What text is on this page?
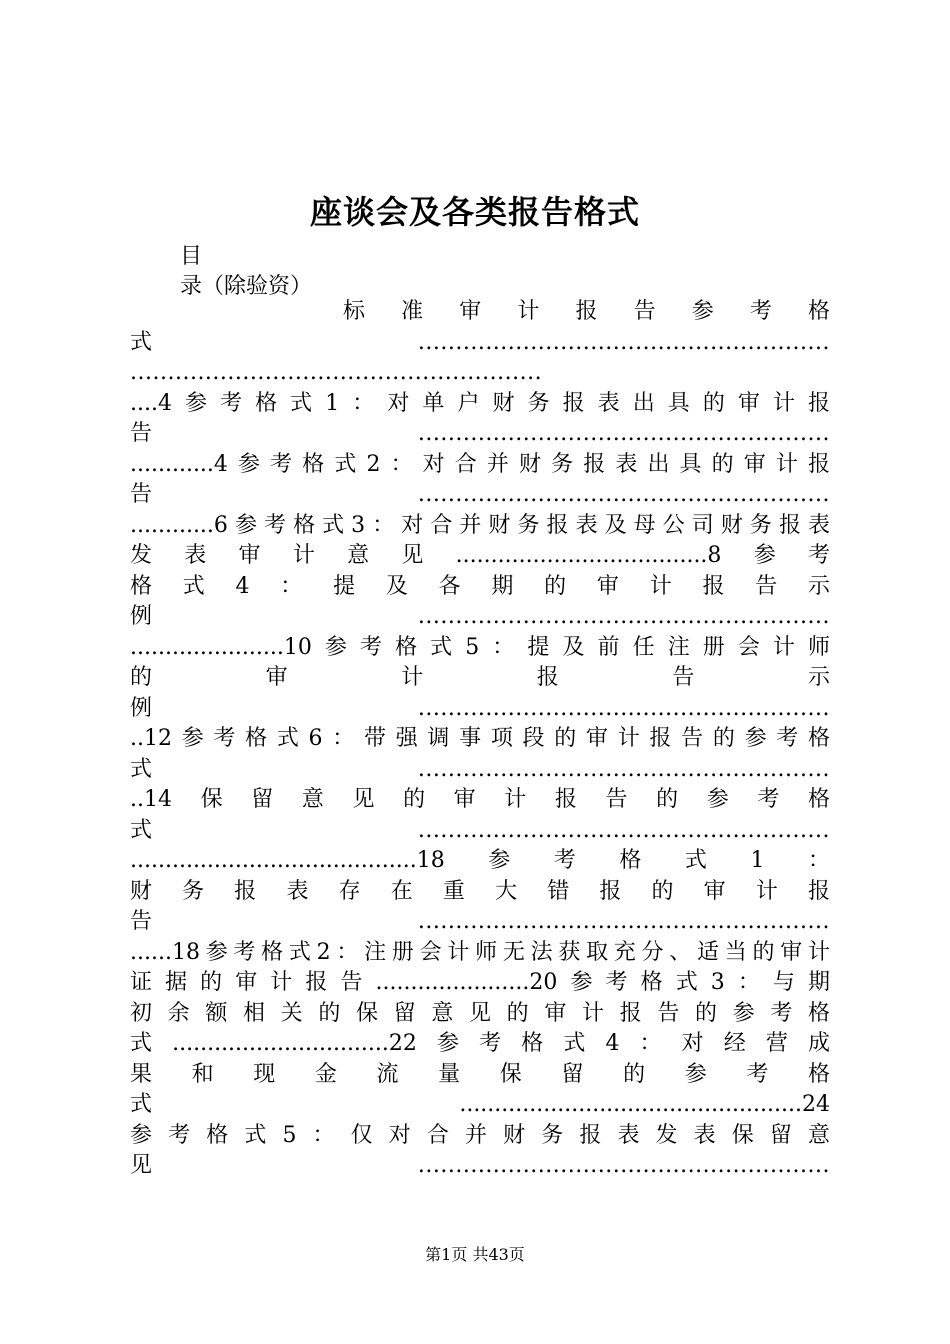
座谈会及各类报告格式
目
录（除验资）
标​准​审​计​报​告​参​考​格
式​.​.​.​.​.​.​.​.​.​.​.​.​.​.​.​.​.​.​.​.​.​.​.​.​.​.​.​.​.​.​.​.​.​.​.​.​.​.​.​.​.​.​.​.​.​.​.​.​.​.​.​.​.​.​.
.​.​.​.​.​.​.​.​.​.​.​.​.​.​.​.​.​.​.​.​.​.​.​.​.​.​.​.​.​.​.​.​.​.​.​.​.​.​.​.​.​.​.​.​.​.​.​.​.​.​.​.​.​.​.
.​.​.​.​4​参​考​格​式​1​：​对​单​户​财​务​报​表​出​具​的​审​计​报
告​.​.​.​.​.​.​.​.​.​.​.​.​.​.​.​.​.​.​.​.​.​.​.​.​.​.​.​.​.​.​.​.​.​.​.​.​.​.​.​.​.​.​.​.​.​.​.​.​.​.​.​.​.​.​.
.​.​.​.​.​.​.​.​.​.​.​.​4​参​考​格​式​2​：​对​合​并​财​务​报​表​出​具​的​审​计​报
告​.​.​.​.​.​.​.​.​.​.​.​.​.​.​.​.​.​.​.​.​.​.​.​.​.​.​.​.​.​.​.​.​.​.​.​.​.​.​.​.​.​.​.​.​.​.​.​.​.​.​.​.​.​.​.
.​.​.​.​.​.​.​.​.​.​.​.​6​参​考​格​式​3​：​对​合​并​财​务​报​表​及​母​公​司​财​务​报​表
发​表​审​计​意​见​.​.​.​.​.​.​.​.​.​.​.​.​.​.​.​.​.​.​.​.​.​.​.​.​.​.​.​.​.​.​.​.​.​.​.​.​8​参​考
格​式​4​：​提​及​各​期​的​审​计​报​告​示
例​.​.​.​.​.​.​.​.​.​.​.​.​.​.​.​.​.​.​.​.​.​.​.​.​.​.​.​.​.​.​.​.​.​.​.​.​.​.​.​.​.​.​.​.​.​.​.​.​.​.​.​.​.​.​.
.​.​.​.​.​.​.​.​.​.​.​.​.​.​.​.​.​.​.​.​.​.​1​0​参​考​格​式​5​：​提​及​前​任​注​册​会​计​师
的​审​计​报​告​示
例​.​.​.​.​.​.​.​.​.​.​.​.​.​.​.​.​.​.​.​.​.​.​.​.​.​.​.​.​.​.​.​.​.​.​.​.​.​.​.​.​.​.​.​.​.​.​.​.​.​.​.​.​.​.​.
.​.​1​2​参​考​格​式​6​：​带​强​调​事​项​段​的​审​计​报​告​的​参​考​格
式​.​.​.​.​.​.​.​.​.​.​.​.​.​.​.​.​.​.​.​.​.​.​.​.​.​.​.​.​.​.​.​.​.​.​.​.​.​.​.​.​.​.​.​.​.​.​.​.​.​.​.​.​.​.​.
.​.​1​4​保​留​意​见​的​审​计​报​告​的​参​考​格
式​.​.​.​.​.​.​.​.​.​.​.​.​.​.​.​.​.​.​.​.​.​.​.​.​.​.​.​.​.​.​.​.​.​.​.​.​.​.​.​.​.​.​.​.​.​.​.​.​.​.​.​.​.​.​.
.​.​.​.​.​.​.​.​.​.​.​.​.​.​.​.​.​.​.​.​.​.​.​.​.​.​.​.​.​.​.​.​.​.​.​.​.​.​.​.​.​1​8​参​考​格​式​1​：
财​务​报​表​存​在​重​大​错​报​的​审​计​报
告​.​.​.​.​.​.​.​.​.​.​.​.​.​.​.​.​.​.​.​.​.​.​.​.​.​.​.​.​.​.​.​.​.​.​.​.​.​.​.​.​.​.​.​.​.​.​.​.​.​.​.​.​.​.​.
.​.​.​.​.​.​1​8​参​考​格​式​2​：​注​册​会​计​师​无​法​获​取​充​分​、​适​当​的​审​计
证​据​的​审​计​报​告​.​.​.​.​.​.​.​.​.​.​.​.​.​.​.​.​.​.​.​.​.​.​2​0​参​考​格​式​3​：​与​期
初​余​额​相​关​的​保​留​意​见​的​审​计​报​告​的​参​考​格
式​.​.​.​.​.​.​.​.​.​.​.​.​.​.​.​.​.​.​.​.​.​.​.​.​.​.​.​.​.​.​.​2​2​参​考​格​式​4​：​对​经​营​成
果​和​现​金​流​量​保​留​的​参​考​格
式​.​.​.​.​.​.​.​.​.​.​.​.​.​.​.​.​.​.​.​.​.​.​.​.​.​.​.​.​.​.​.​.​.​.​.​.​.​.​.​.​.​.​.​.​.​.​.​.​.​2​4
参​考​格​式​5​：​仅​对​合​并​财​务​报​表​发​表​保​留​意
见​.​.​.​.​.​.​.​.​.​.​.​.​.​.​.​.​.​.​.​.​.​.​.​.​.​.​.​.​.​.​.​.​.​.​.​.​.​.​.​.​.​.​.​.​.​.​.​.​.​.​.​.​.​.​.
第1页 共43页
